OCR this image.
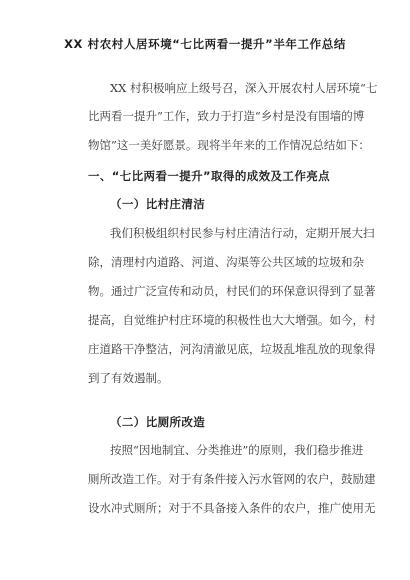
XX 村农村人居环境“七比两看一提升”半年工作总结

XX 村积极响应上级号召，深入开展农村人居环境“七

比两看一提升”工作，致力于打造“乡村是没有围墙的博

物馆”这一美好愿景。现将半年来的工作情况总结如下：

一、“七比两看一提升”取得的成效及工作亮点
（一）比村庄清洁

我们积极组织村民参与村庄清洁行动，定期开展大扫

除，清理村内道路、河道、沟渠等公共区域的垃圾和杂

物。通过广泛宣传和动员，村民们的环保意识得到了显著

提高，自觉维护村庄环境的积极性也大大增强。如今，村

庄道路干净整洁，河沟清澈见底，垃圾乱堆乱放的现象得

到了有效遏制。

（二）比厕所改造

按照“因地制宜、分类推进”的原则，我们稳步推进

厕所改造工作。对于有条件接入污水管网的农户，鼓励建

设水冲式厕所；对于不具备接入条件的农户，推广使用无
